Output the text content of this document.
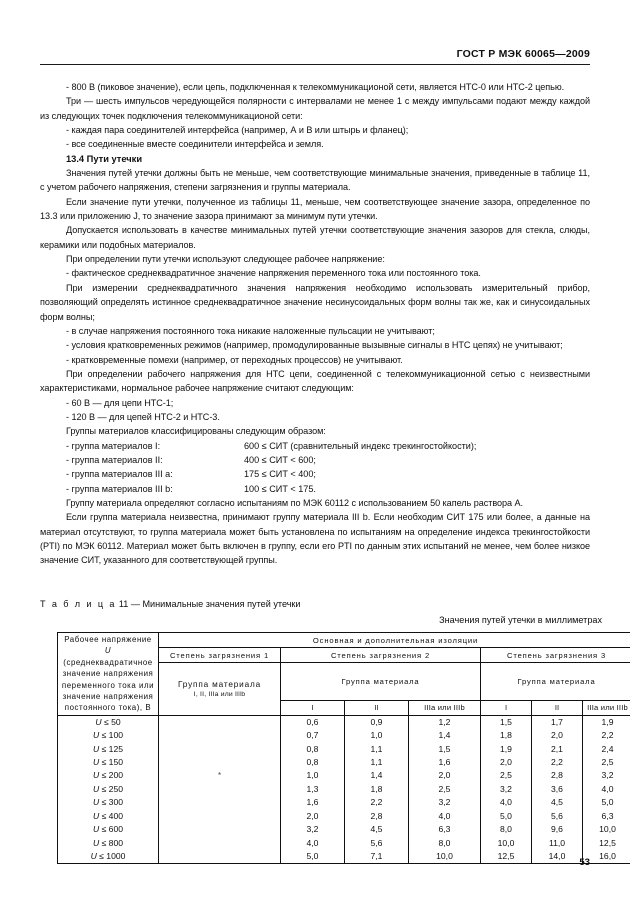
ГОСТ Р МЭК 60065—2009

- 800 В (пиковое значение), если цепь, подключенная к телекоммуникационой сети, является НТС-0 или НТС-2 цепью.

Три — шесть импульсов чередующейся полярности с интервалами не менее 1 с между импульсами подают между каждой из следующих точек подключения телекоммуникационой сети:

- каждая пара соединителей интерфейса (например, А и В или штырь и фланец);

- все соединенные вместе соединители интерфейса и земля.

13.4 Пути утечки

Значения путей утечки должны быть не меньше, чем соответствующие минимальные значения, приведенные в таблице 11, с учетом рабочего напряжения, степени загрязнения и группы материала.

Если значение пути утечки, полученное из таблицы 11, меньше, чем соответствующее значение зазора, определенное по 13.3 или приложению J, то значение зазора принимают за минимум пути утечки.

Допускается использовать в качестве минимальных путей утечки соответствующие значения зазоров для стекла, слюды, керамики или подобных материалов.

При определении пути утечки используют следующее рабочее напряжение:

- фактическое среднеквадратичное значение напряжения переменного тока или постоянного тока.

При измерении среднеквадратичного значения напряжения необходимо использовать измерительный прибор, позволяющий определять истинное среднеквадратичное значение несинусоидальных форм волны так же, как и синусоидальных форм волны;

- в случае напряжения постоянного тока никакие наложенные пульсации не учитывают;

- условия кратковременных режимов (например, промодулированные вызывные сигналы в НТС цепях) не учитывают;

- кратковременные помехи (например, от переходных процессов) не учитывают.

При определении рабочего напряжения для НТС цепи, соединенной с телекоммуникационной сетью с неизвестными характеристиками, нормальное рабочее напряжение считают следующим:

- 60 В — для цепи НТС-1;

- 120 В — для цепей НТС-2 и НТС-3.

Группы материалов классифицированы следующим образом:

- группа материалов I:	600 ≤ СИТ (сравнительный индекс трекингостойкости);
- группа материалов II:	400 ≤ СИТ < 600;
- группа материалов III a:	175 ≤ СИТ < 400;
- группа материалов III b:	100 ≤ СИТ < 175.

Группу материала определяют согласно испытаниям по МЭК 60112 с использованием 50 капель раствора А.

Если группа материала неизвестна, принимают группу материала III b. Если необходим СИТ 175 или более, а данные на материал отсутствуют, то группа материала может быть установлена по испытаниям на определение индекса трекингостойкости (PTI) по МЭК 60112. Материал может быть включен в группу, если его PTI по данным этих испытаний не менее, чем более низкое значение СИТ, указанного для соответствующей группы.

Т а б л и ц а 11 — Минимальные значения путей утечки
Значения путей утечки в миллиметрах
Рабочее напряжение U
(среднеквадратичное
значение напряжения
переменного тока или
значение напряжения
постоянного тока), В	Основная и дополнительная изоляции
	Степень загрязнения 1	Степень загрязнения 2			Степень загрязнения 3		
	Группа материала
I, II, IIIa или IIIb	Группа материала			Группа материала		
		I	II	IIIa или IIIb	I	II	IIIa или IIIb
U ≤ 50		0,6	0,9	1,2	1,5	1,7	1,9
U ≤ 100		0,7	1,0	1,4	1,8	2,0	2,2
U ≤ 125		0,8	1,1	1,5	1,9	2,1	2,4
U ≤ 150		0,8	1,1	1,6	2,0	2,2	2,5
U ≤ 200	*	1,0	1,4	2,0	2,5	2,8	3,2
U ≤ 250		1,3	1,8	2,5	3,2	3,6	4,0
U ≤ 300		1,6	2,2	3,2	4,0	4,5	5,0
U ≤ 400		2,0	2,8	4,0	5,0	5,6	6,3
U ≤ 600		3,2	4,5	6,3	8,0	9,6	10,0
U ≤ 800		4,0	5,6	8,0	10,0	11,0	12,5
U ≤ 1000		5,0	7,1	10,0	12,5	14,0	16,0
53
